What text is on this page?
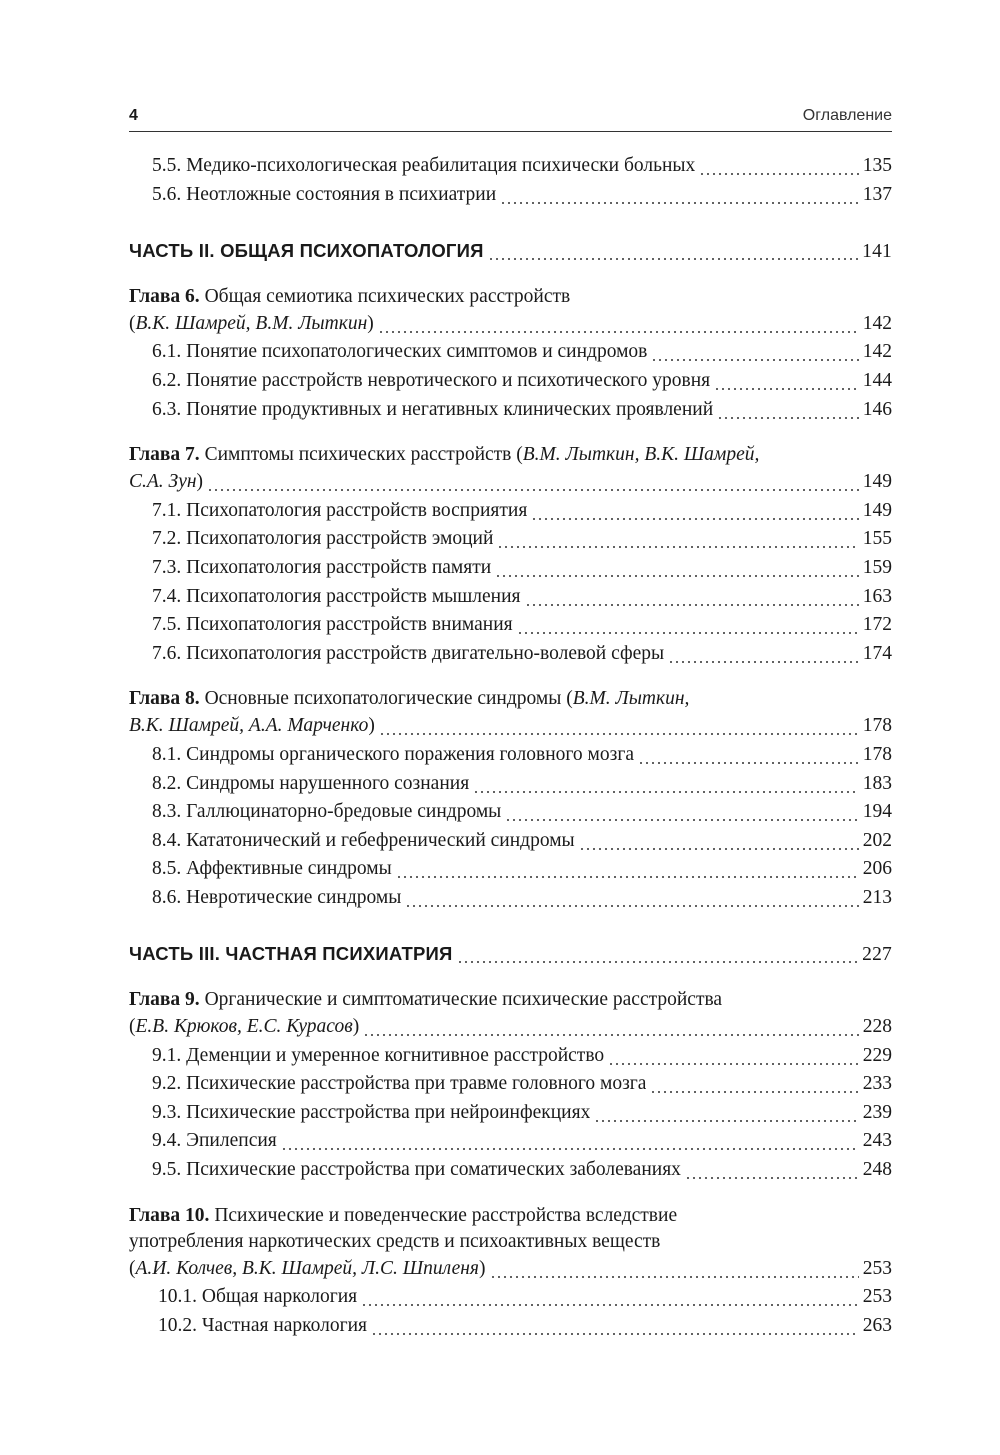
4	Оглавление
5.5. Медико-психологическая реабилитация психически больных	135
5.6. Неотложные состояния в психиатрии	137
ЧАСТЬ II. ОБЩАЯ ПСИХОПАТОЛОГИЯ	141
Глава 6. Общая семиотика психических расстройств
(В.К. Шамрей, В.М. Лыткин)	142
6.1. Понятие психопатологических симптомов и синдромов	142
6.2. Понятие расстройств невротического и психотического уровня	144
6.3. Понятие продуктивных и негативных клинических проявлений	146
Глава 7. Симптомы психических расстройств (В.М. Лыткин, В.К. Шамрей,
С.А. Зун)	149
7.1. Психопатология расстройств восприятия	149
7.2. Психопатология расстройств эмоций	155
7.3. Психопатология расстройств памяти	159
7.4. Психопатология расстройств мышления	163
7.5. Психопатология расстройств внимания	172
7.6. Психопатология расстройств двигательно-волевой сферы	174
Глава 8. Основные психопатологические синдромы (В.М. Лыткин,
В.К. Шамрей, А.А. Марченко)	178
8.1. Синдромы органического поражения головного мозга	178
8.2. Синдромы нарушенного сознания	183
8.3. Галлюцинаторно-бредовые синдромы	194
8.4. Кататонический и гебефренический синдромы	202
8.5. Аффективные синдромы	206
8.6. Невротические синдромы	213
ЧАСТЬ III. ЧАСТНАЯ ПСИХИАТРИЯ	227
Глава 9. Органические и симптоматические психические расстройства
(Е.В. Крюков, Е.С. Курасов)	228
9.1. Деменции и умеренное когнитивное расстройство	229
9.2. Психические расстройства при травме головного мозга	233
9.3. Психические расстройства при нейроинфекциях	239
9.4. Эпилепсия	243
9.5. Психические расстройства при соматических заболеваниях	248
Глава 10. Психические и поведенческие расстройства вследствие
употребления наркотических средств и психоактивных веществ
(А.И. Колчев, В.К. Шамрей, Л.С. Шпиленя)	253
10.1. Общая наркология	253
10.2. Частная наркология	263
